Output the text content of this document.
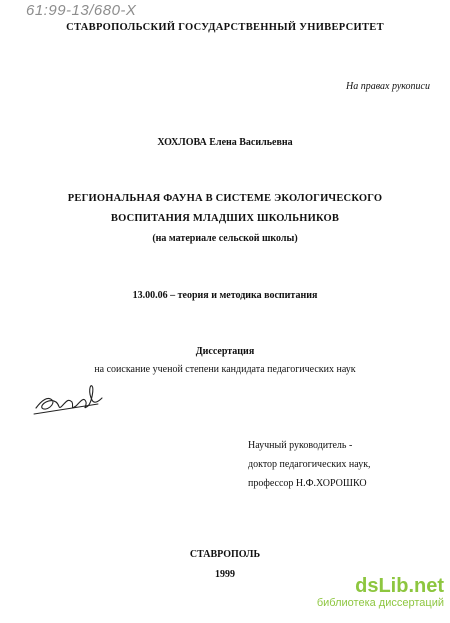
61:99-13/680-X
СТАВРОПОЛЬСКИЙ ГОСУДАРСТВЕННЫЙ УНИВЕРСИТЕТ
На правах рукописи
ХОХЛОВА Елена Васильевна
РЕГИОНАЛЬНАЯ ФАУНА В СИСТЕМЕ ЭКОЛОГИЧЕСКОГО
ВОСПИТАНИЯ МЛАДШИХ ШКОЛЬНИКОВ
(на материале сельской школы)
13.00.06 – теория и методика воспитания
Диссертация
на соискание ученой степени кандидата педагогических наук
Научный руководитель -
доктор педагогических наук,
профессор Н.Ф.ХОРОШКО
СТАВРОПОЛЬ
1999
dsLib.net
библиотека диссертаций
